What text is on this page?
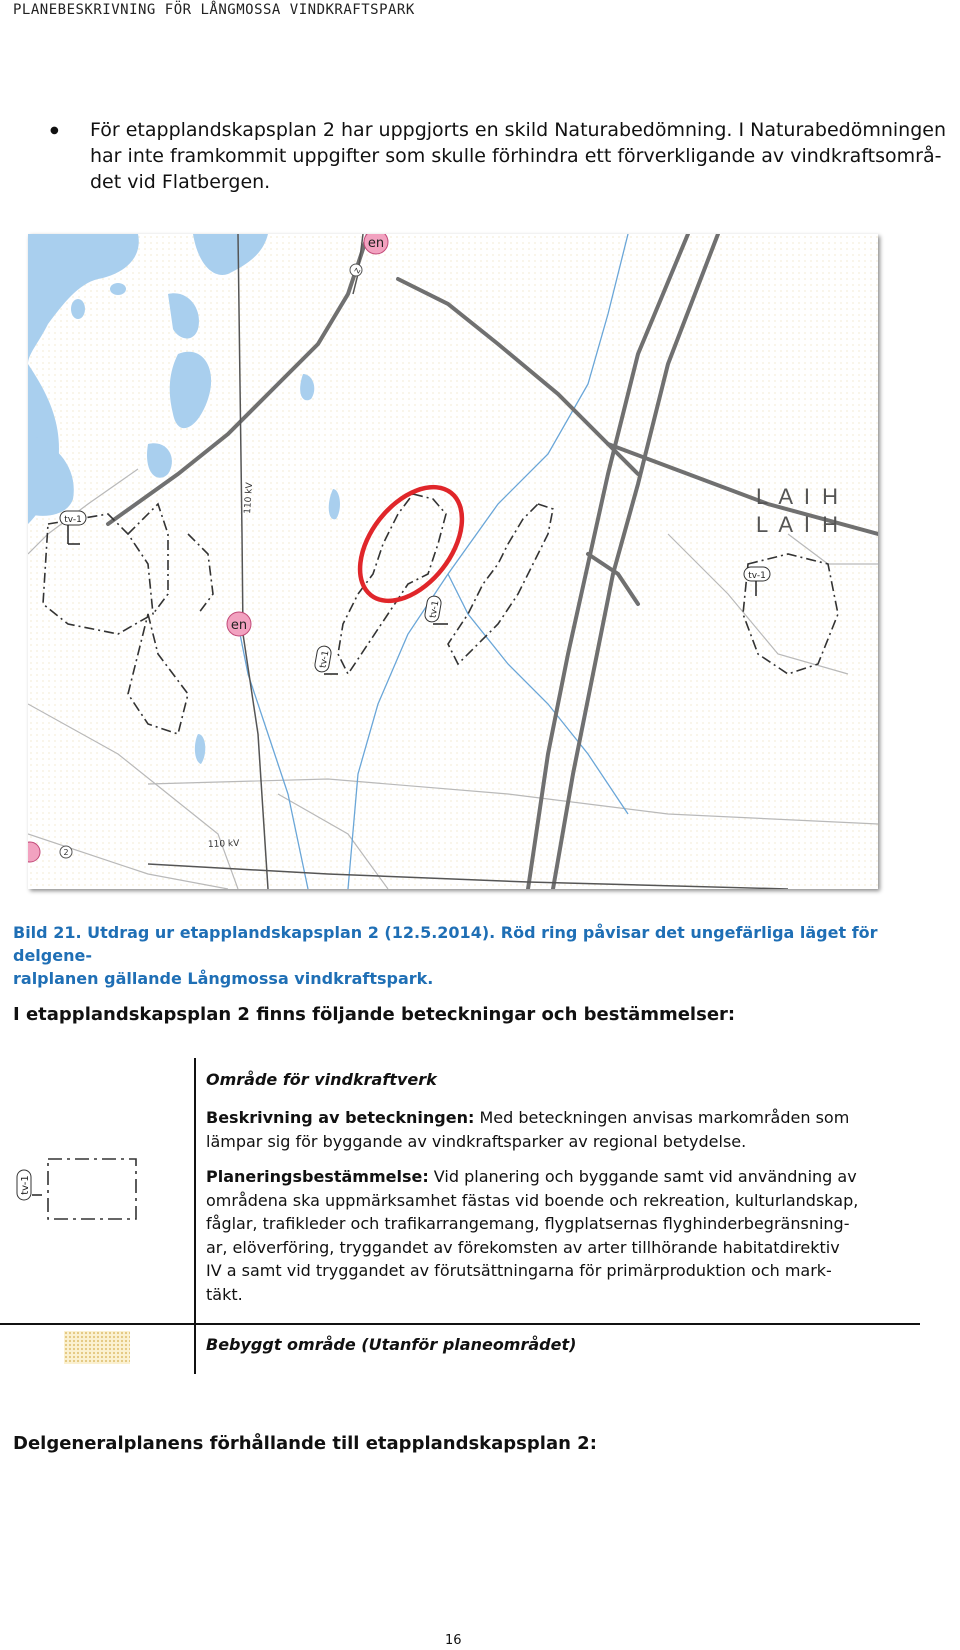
PLANEBESKRIVNING FÖR LÅNGMOSSA VINDKRAFTSPARK
● För etapplandskapsplan 2 har uppgjorts en skild Naturabedömning. I Naturabedömningen
har inte framkommit uppgifter som skulle förhindra ett förverkligande av vindkraftsområ-
det vid Flatbergen.
en
en
z
2
110 kV
110 kV
L A I H
L A I H
tv-1
tv-1
tv-1
tv-1
Bild 21. Utdrag ur etapplandskapsplan 2 (12.5.2014). Röd ring påvisar det ungefärliga läget för delgene-
ralplanen gällande Långmossa vindkraftspark.
I etapplandskapsplan 2 finns följande beteckningar och bestämmelser:
Område för vindkraftverk
Beskrivning av beteckningen: Med beteckningen anvisas markområden som
lämpar sig för byggande av vindkraftsparker av regional betydelse.
Planeringsbestämmelse: Vid planering och byggande samt vid användning av
områdena ska uppmärksamhet fästas vid boende och rekreation, kulturlandskap,
fåglar, trafikleder och trafikarrangemang, flygplatsernas flyghinderbegränsning-
ar, elöverföring, tryggandet av förekomsten av arter tillhörande habitatdirektiv
IV a samt vid tryggandet av förutsättningarna för primärproduktion och mark-
täkt.
tv-1
Bebyggt område (Utanför planeområdet)
Delgeneralplanens förhållande till etapplandskapsplan 2:
16
